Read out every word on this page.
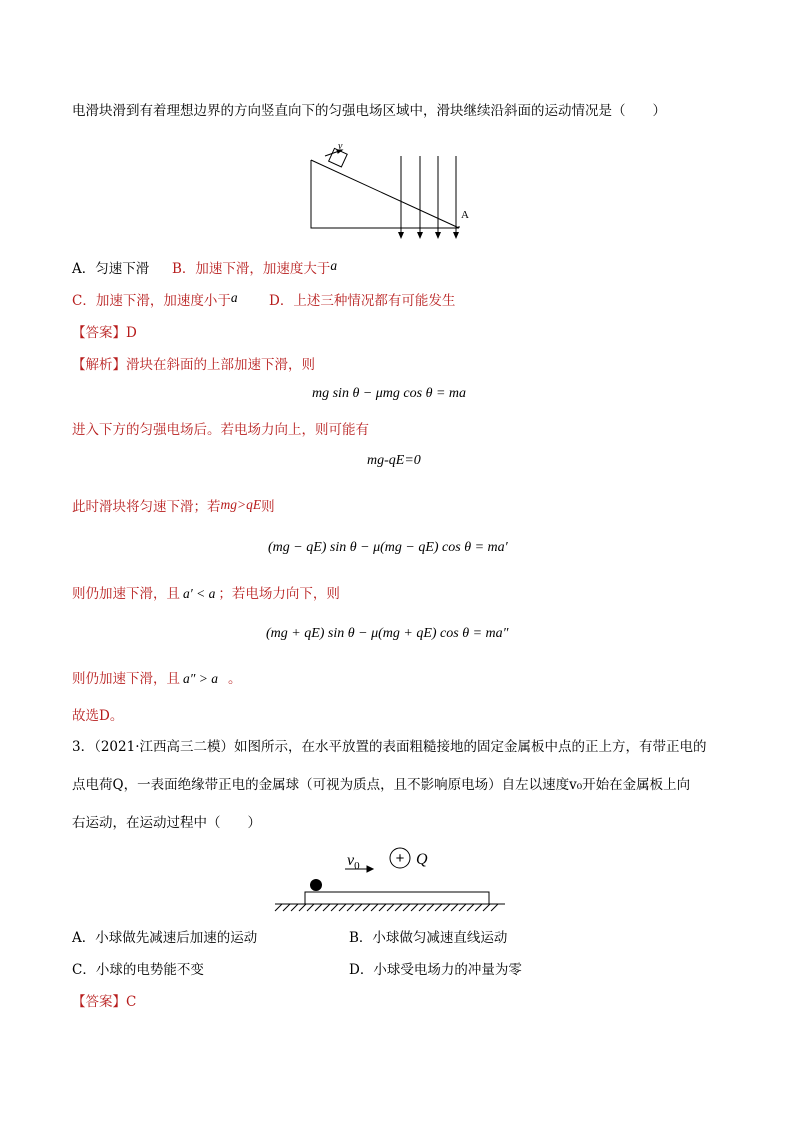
电滑块滑到有着理想边界的方向竖直向下的匀强电场区域中，滑块继续沿斜面的运动情况是（　　）
v
A
A．匀速下滑 B．加速下滑，加速度大于a
C．加速下滑，加速度小于a D．上述三种情况都有可能发生
【答案】D
【解析】滑块在斜面的上部加速下滑，则
mg sin θ − μmg cos θ = ma
进入下方的匀强电场后。若电场力向上，则可能有
mg-qE=0
此时滑块将匀速下滑；若mg>qE则
(mg − qE) sin θ − μ(mg − qE) cos θ = ma′
则仍加速下滑，且 a′ < a ；若电场力向下，则
(mg + qE) sin θ − μ(mg + qE) cos θ = ma″
则仍加速下滑，且 a″ > a 。
故选D。
3．（2021·江西高三二模）如图所示，在水平放置的表面粗糙接地的固定金属板中点的正上方，有带正电的
点电荷Q，一表面绝缘带正电的金属球（可视为质点，且不影响原电场）自左以速度v₀开始在金属板上向
右运动，在运动过程中（　　）
$v_0 + Q$
A．小球做先减速后加速的运动	B．小球做匀减速直线运动
C．小球的电势能不变	D．小球受电场力的冲量为零
【答案】C
